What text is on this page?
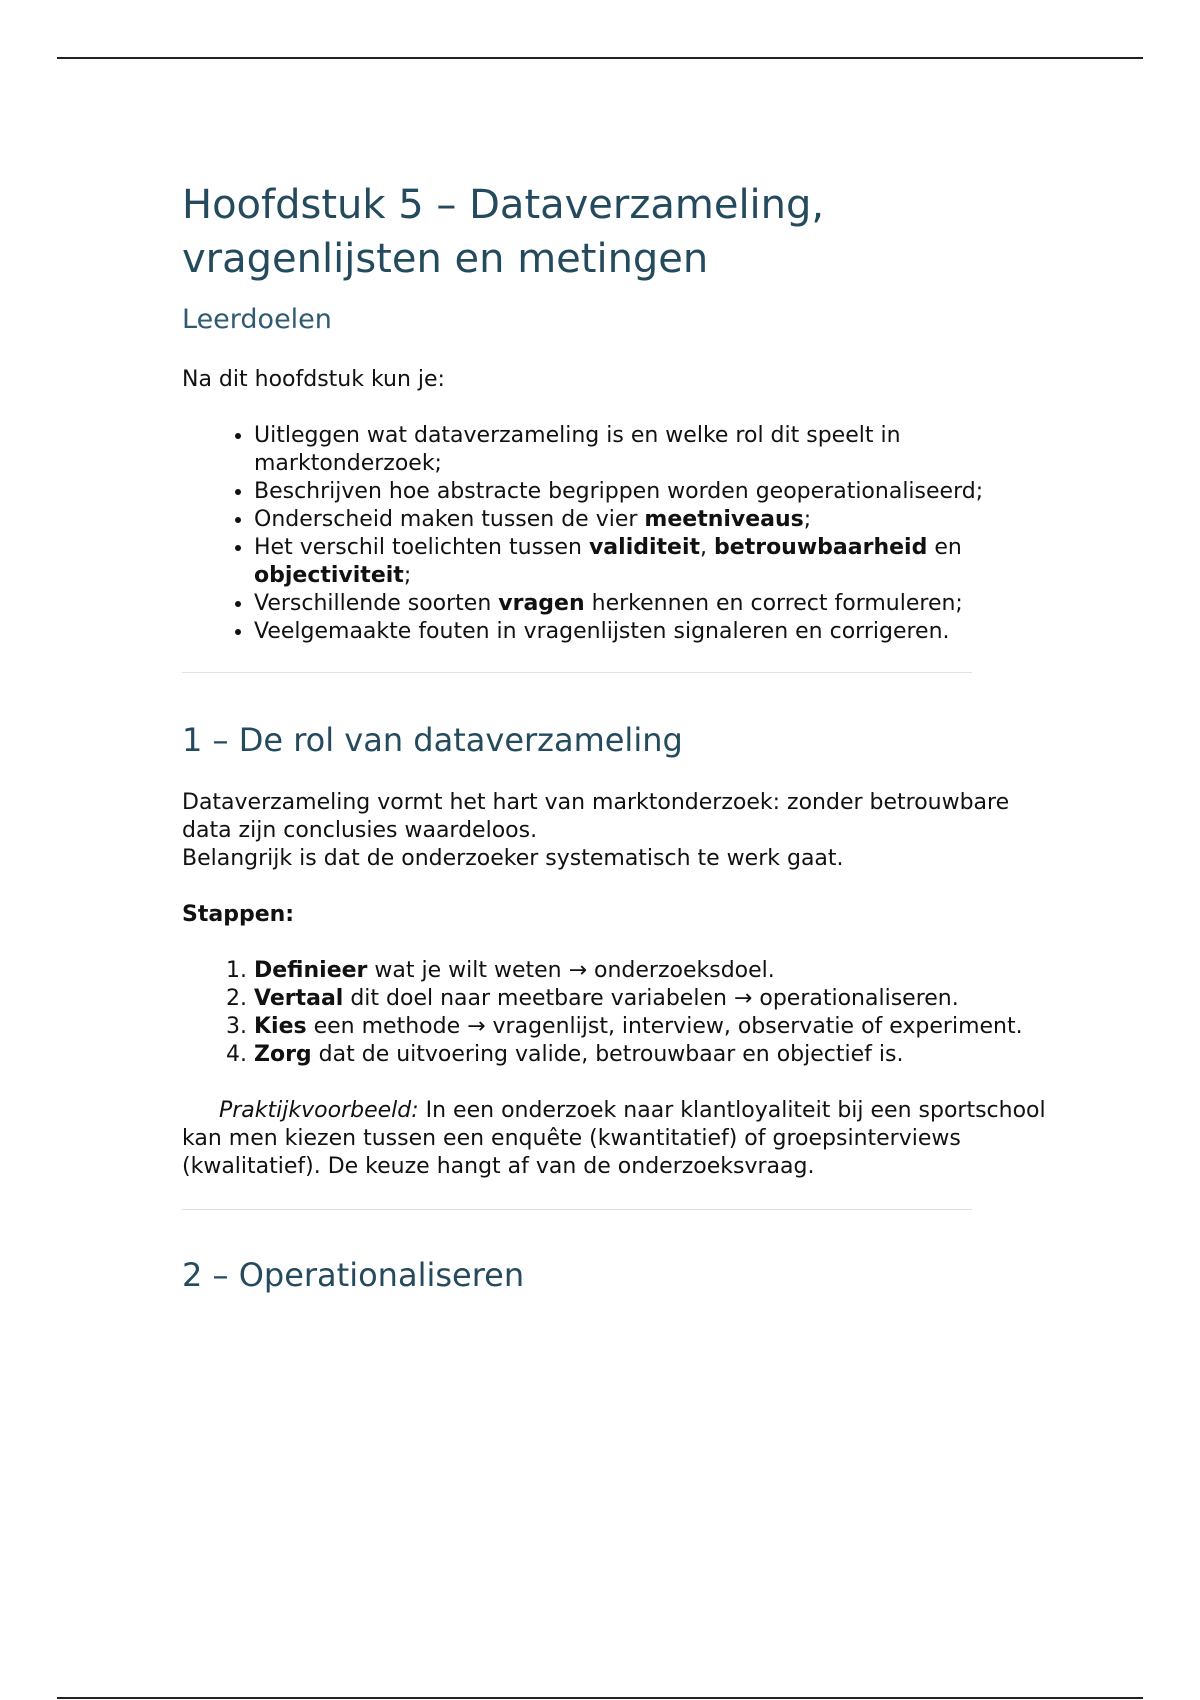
Hoofdstuk 5 – Dataverzameling,
vragenlijsten en metingen
Leerdoelen

Na dit hoofdstuk kun je:

• Uitleggen wat dataverzameling is en welke rol dit speelt in marktonderzoek;
• Beschrijven hoe abstracte begrippen worden geoperationaliseerd;
• Onderscheid maken tussen de vier meetniveaus;
• Het verschil toelichten tussen validiteit, betrouwbaarheid en objectiviteit;
• Verschillende soorten vragen herkennen en correct formuleren;
• Veelgemaakte fouten in vragenlijsten signaleren en corrigeren.
1 – De rol van dataverzameling

Dataverzameling vormt het hart van marktonderzoek: zonder betrouwbare data zijn conclusies waardeloos.
Belangrijk is dat de onderzoeker systematisch te werk gaat.

Stappen:

1. Definieer wat je wilt weten → onderzoeksdoel.
2. Vertaal dit doel naar meetbare variabelen → operationaliseren.
3. Kies een methode → vragenlijst, interview, observatie of experiment.
4. Zorg dat de uitvoering valide, betrouwbaar en objectief is.

Praktijkvoorbeeld: In een onderzoek naar klantloyaliteit bij een sportschool kan men kiezen tussen een enquête (kwantitatief) of groepsinterviews (kwalitatief). De keuze hangt af van de onderzoeksvraag.

2 – Operationaliseren
